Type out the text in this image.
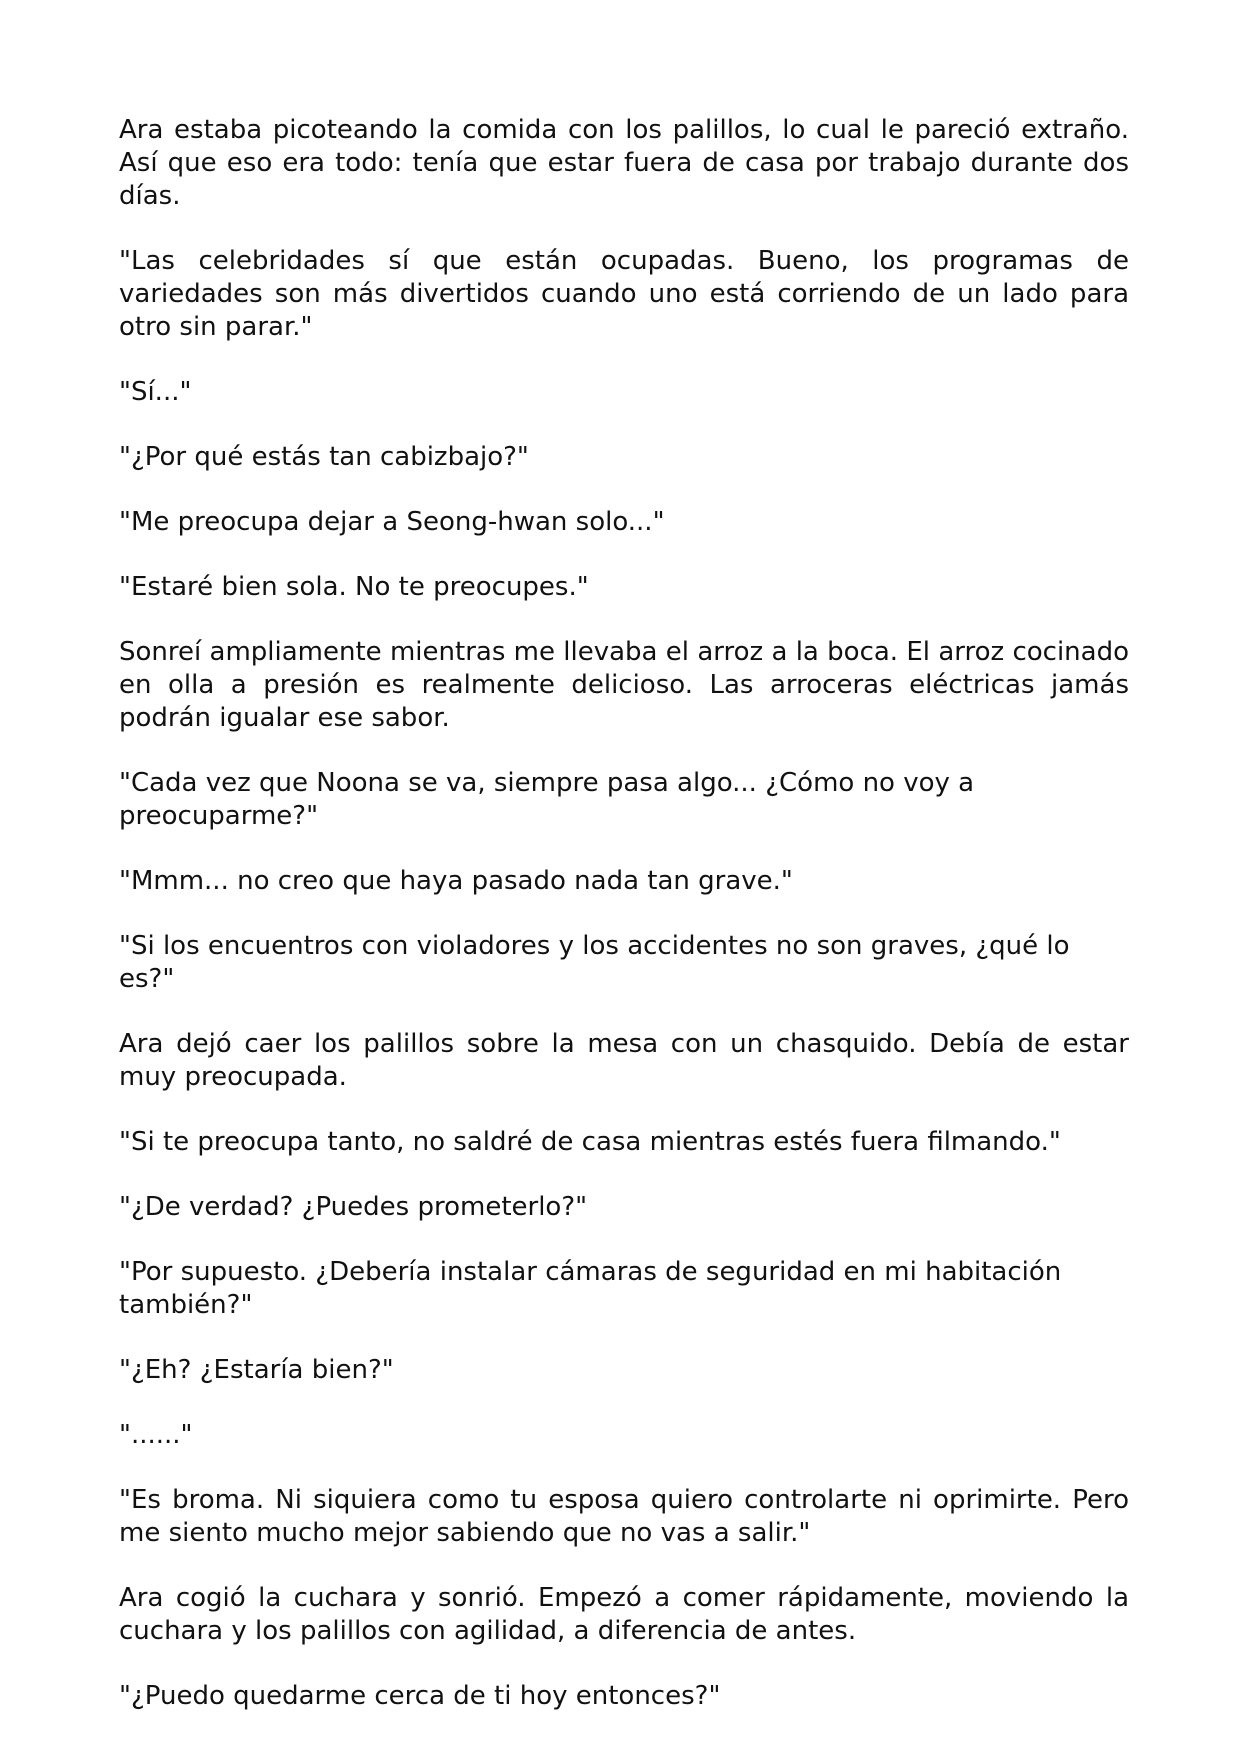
Ara estaba picoteando la comida con los palillos, lo cual le pareció extraño. Así que eso era todo: tenía que estar fuera de casa por trabajo durante dos días.

"Las celebridades sí que están ocupadas. Bueno, los programas de variedades son más divertidos cuando uno está corriendo de un lado para otro sin parar."

"Sí..."

"¿Por qué estás tan cabizbajo?"

"Me preocupa dejar a Seong-hwan solo..."

"Estaré bien sola. No te preocupes."

Sonreí ampliamente mientras me llevaba el arroz a la boca. El arroz cocinado en olla a presión es realmente delicioso. Las arroceras eléctricas jamás podrán igualar ese sabor.

"Cada vez que Noona se va, siempre pasa algo... ¿Cómo no voy a preocuparme?"

"Mmm... no creo que haya pasado nada tan grave."

"Si los encuentros con violadores y los accidentes no son graves, ¿qué lo es?"

Ara dejó caer los palillos sobre la mesa con un chasquido. Debía de estar muy preocupada.

"Si te preocupa tanto, no saldré de casa mientras estés fuera filmando."

"¿De verdad? ¿Puedes prometerlo?"

"Por supuesto. ¿Debería instalar cámaras de seguridad en mi habitación también?"

"¿Eh? ¿Estaría bien?"

"......"

"Es broma. Ni siquiera como tu esposa quiero controlarte ni oprimirte. Pero me siento mucho mejor sabiendo que no vas a salir."

Ara cogió la cuchara y sonrió. Empezó a comer rápidamente, moviendo la cuchara y los palillos con agilidad, a diferencia de antes.

"¿Puedo quedarme cerca de ti hoy entonces?"
